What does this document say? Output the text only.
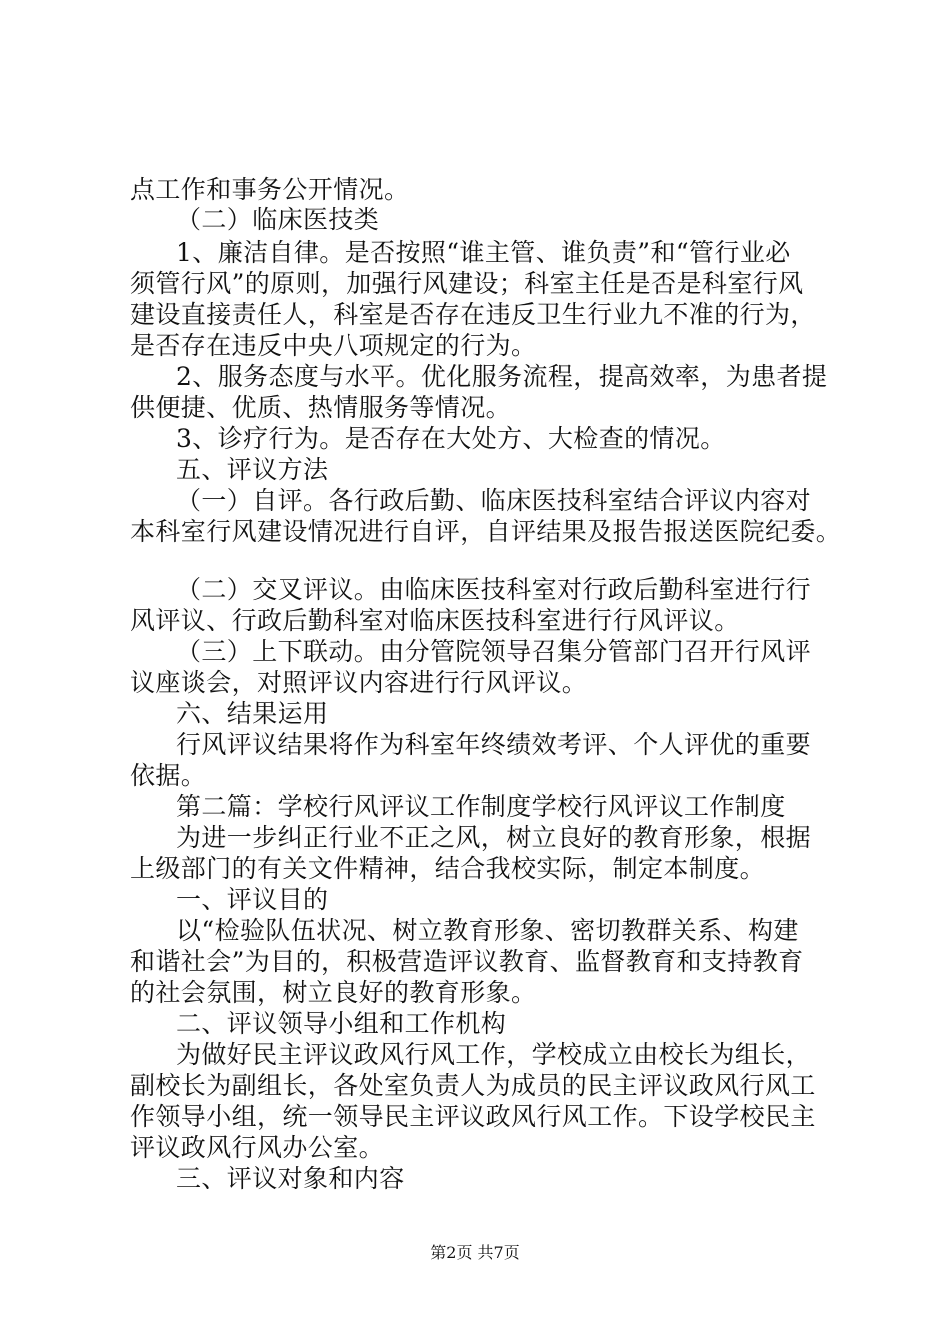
点工作和事务公开情况。
（二）临床医技类
1、廉洁自律。是否按照“谁主管、谁负责”和“管行业必
须管行风”的原则，加强行风建设；科室主任是否是科室行风
建设直接责任人，科室是否存在违反卫生行业九不准的行为，
是否存在违反中央八项规定的行为。
2、服务态度与水平。优化服务流程，提高效率，为患者提
供便捷、优质、热情服务等情况。
3、诊疗行为。是否存在大处方、大检查的情况。
五、评议方法
（一）自评。各行政后勤、临床医技科室结合评议内容对
本科室行风建设情况进行自评，自评结果及报告报送医院纪委。
（二）交叉评议。由临床医技科室对行政后勤科室进行行
风评议、行政后勤科室对临床医技科室进行行风评议。
（三）上下联动。由分管院领导召集分管部门召开行风评
议座谈会，对照评议内容进行行风评议。
六、结果运用
行风评议结果将作为科室年终绩效考评、个人评优的重要
依据。
第二篇：学校行风评议工作制度学校行风评议工作制度
为进一步纠正行业不正之风，树立良好的教育形象，根据
上级部门的有关文件精神，结合我校实际，制定本制度。
一、评议目的
以“检验队伍状况、树立教育形象、密切教群关系、构建
和谐社会”为目的，积极营造评议教育、监督教育和支持教育
的社会氛围，树立良好的教育形象。
二、评议领导小组和工作机构
为做好民主评议政风行风工作，学校成立由校长为组长，
副校长为副组长，各处室负责人为成员的民主评议政风行风工
作领导小组，统一领导民主评议政风行风工作。下设学校民主
评议政风行风办公室。
三、评议对象和内容
第2页 共7页
